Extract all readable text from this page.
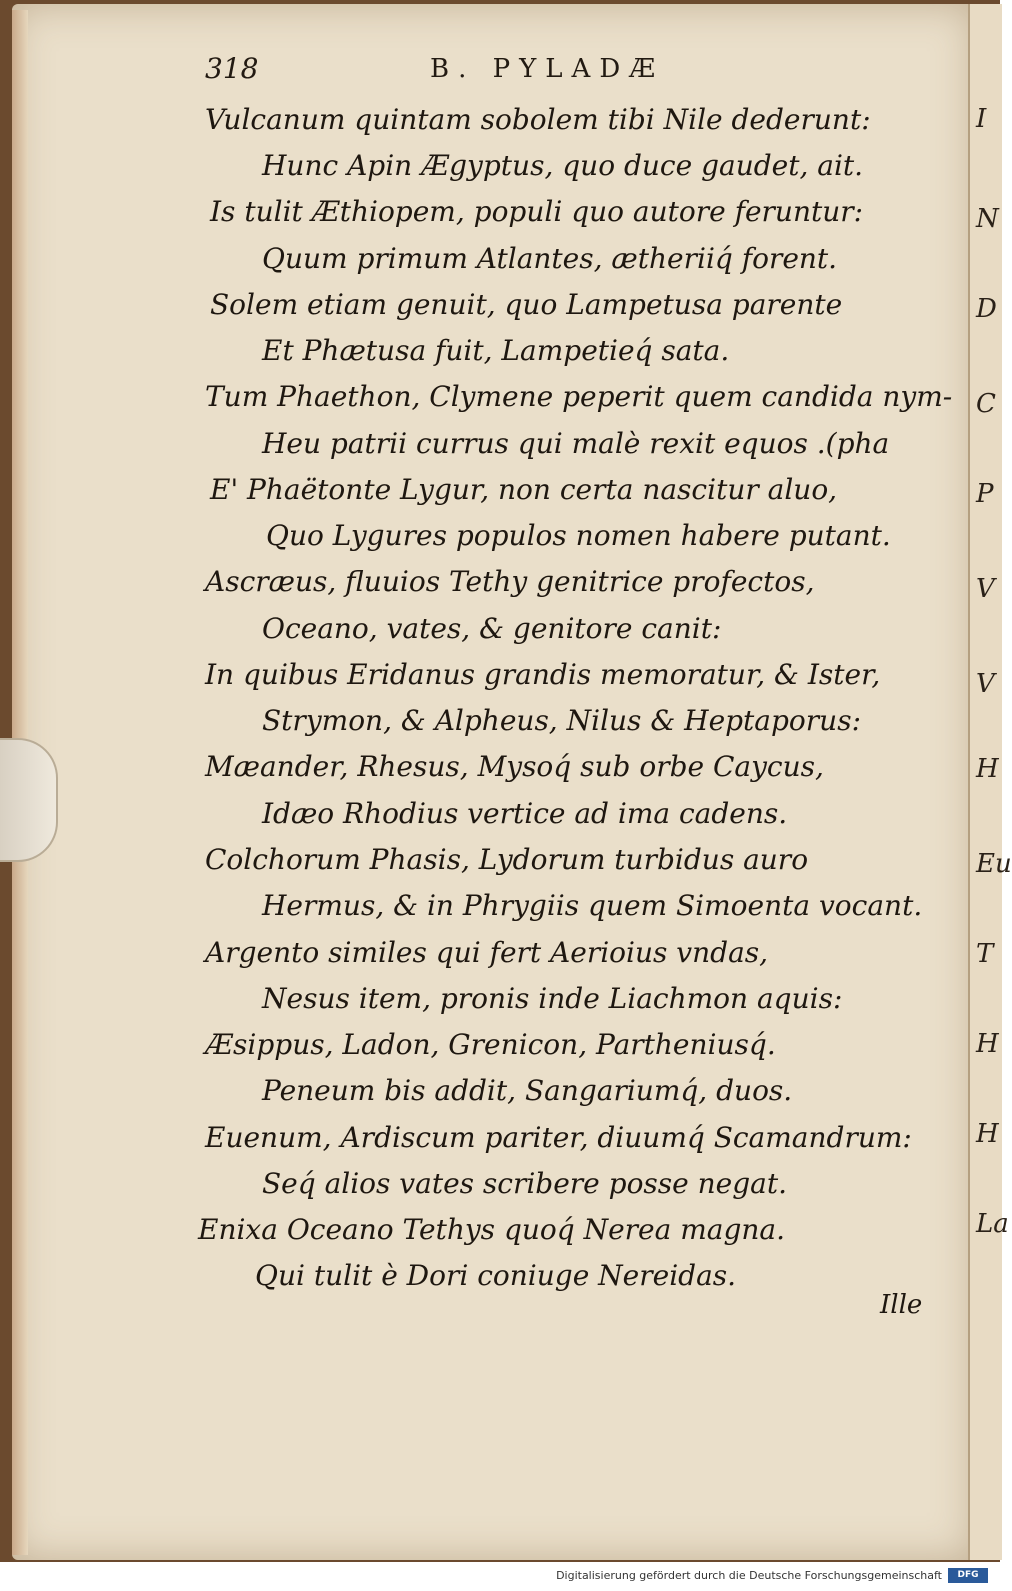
I
N
D
C
P
V
V
H
Eu
T
H
H
La
318	B. PYLADÆ
Vulcanum quintam sobolem tibi Nile dederunt:
Hunc Apin Ægyptus, quo duce gaudet, ait.
Is tulit Æthiopem, populi quo autore feruntur:
Quum primum Atlantes, ætheriiq́ forent.
Solem etiam genuit, quo Lampetusa parente
Et Phætusa fuit, Lampetieq́ sata.
Tum Phaethon, Clymene peperit quem candida nym-
Heu patrii currus qui malè rexit equos .(pha
E' Phaëtonte Lygur, non certa nascitur aluo,
Quo Lygures populos nomen habere putant.
Ascræus, fluuios Tethy genitrice profectos,
Oceano, vates, & genitore canit:
In quibus Eridanus grandis memoratur, & Ister,
Strymon, & Alpheus, Nilus & Heptaporus:
Mæander, Rhesus, Mysoq́ sub orbe Caycus,
Idæo Rhodius vertice ad ima cadens.
Colchorum Phasis, Lydorum turbidus auro
Hermus, & in Phrygiis quem Simoenta vocant.
Argento similes qui fert Aerioius vndas,
Nesus item, pronis inde Liachmon aquis:
Æsippus, Ladon, Grenicon, Partheniusq́.
Peneum bis addit, Sangariumq́, duos.
Euenum, Ardiscum pariter, diuumq́ Scamandrum:
Seq́ alios vates scribere posse negat.
Enixa Oceano Tethys quoq́ Nerea magna.
Qui tulit è Dori coniuge Nereidas.
Ille
Digitalisierung gefördert durch die Deutsche Forschungsgemeinschaft	DFG
